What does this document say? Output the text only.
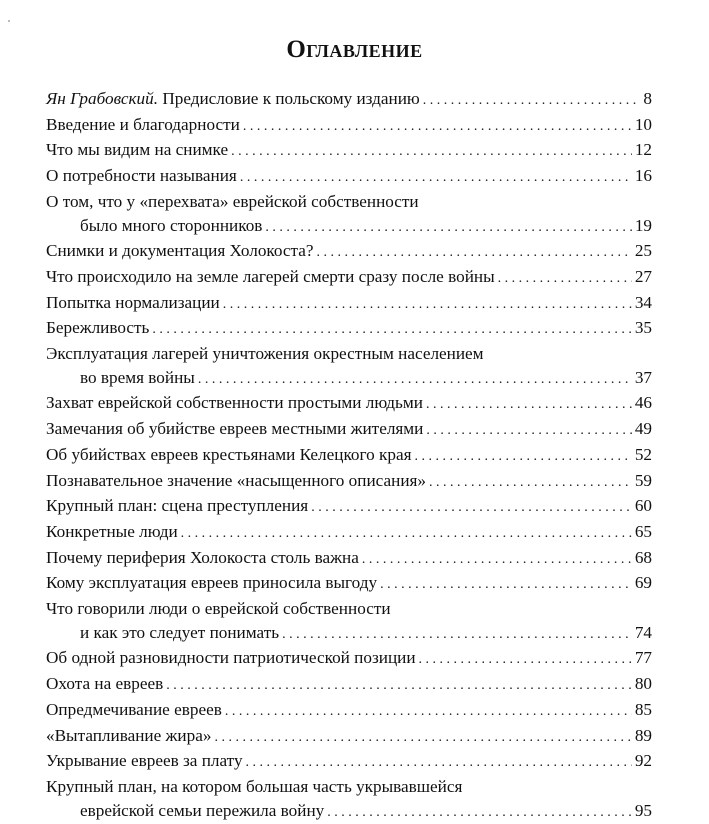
Оглавление
Ян Грабовский. Предисловие к польскому изданию . . .	8
Введение и благодарности . . .	10
Что мы видим на снимке . . .	12
О потребности называния . . .	16
О том, что у «перехвата» еврейской собственности
было много сторонников . . .	19
Снимки и документация Холокоста? . . .	25
Что происходило на земле лагерей смерти сразу после войны . . .	27
Попытка нормализации . . .	34
Бережливость . . .	35
Эксплуатация лагерей уничтожения окрестным населением
во время войны . . .	37
Захват еврейской собственности простыми людьми . . .	46
Замечания об убийстве евреев местными жителями . . .	49
Об убийствах евреев крестьянами Келецкого края . . .	52
Познавательное значение «насыщенного описания» . . .	59
Крупный план: сцена преступления . . .	60
Конкретные люди . . .	65
Почему периферия Холокоста столь важна . . .	68
Кому эксплуатация евреев приносила выгоду . . .	69
Что говорили люди о еврейской собственности
и как это следует понимать . . .	74
Об одной разновидности патриотической позиции . . .	77
Охота на евреев . . .	80
Опредмечивание евреев . . .	85
«Вытапливание жира» . . .	89
Укрывание евреев за плату . . .	92
Крупный план, на котором большая часть укрывавшейся
еврейской семьи пережила войну . . .	95
